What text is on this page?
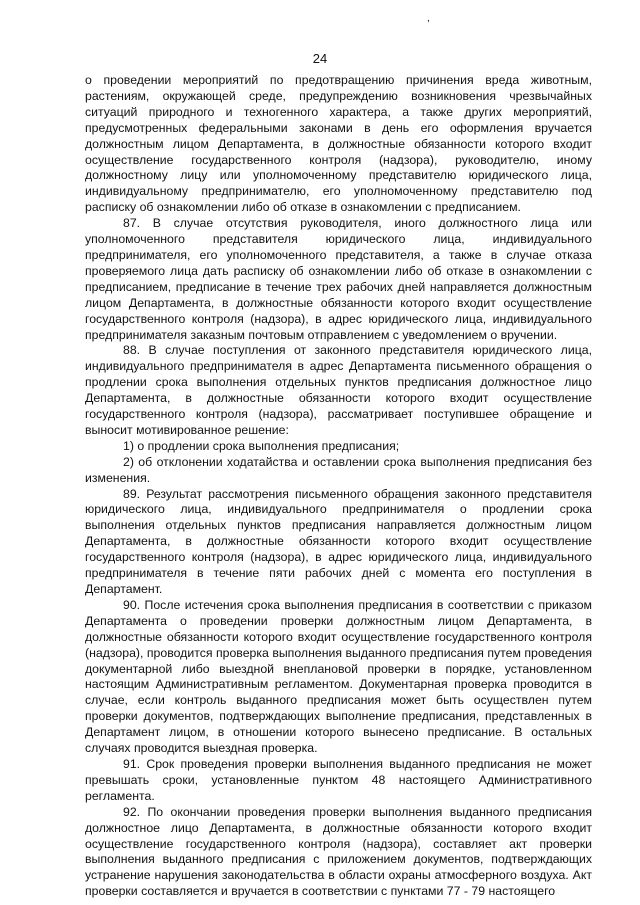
,
24

о проведении мероприятий по предотвращению причинения вреда животным, растениям, окружающей среде, предупреждению возникновения чрезвычайных ситуаций природного и техногенного характера, а также других мероприятий, предусмотренных федеральными законами в день его оформления вручается должностным лицом Департамента, в должностные обязанности которого входит осуществление государственного контроля (надзора), руководителю, иному должностному лицу или уполномоченному представителю юридического лица, индивидуальному предпринимателю, его уполномоченному представителю под расписку об ознакомлении либо об отказе в ознакомлении с предписанием.

87. В случае отсутствия руководителя, иного должностного лица или уполномоченного представителя юридического лица, индивидуального предпринимателя, его уполномоченного представителя, а также в случае отказа проверяемого лица дать расписку об ознакомлении либо об отказе в ознакомлении с предписанием, предписание в течение трех рабочих дней направляется должностным лицом Департамента, в должностные обязанности которого входит осуществление государственного контроля (надзора), в адрес юридического лица, индивидуального предпринимателя заказным почтовым отправлением с уведомлением о вручении.

88. В случае поступления от законного представителя юридического лица, индивидуального предпринимателя в адрес Департамента письменного обращения о продлении срока выполнения отдельных пунктов предписания должностное лицо Департамента, в должностные обязанности которого входит осуществление государственного контроля (надзора), рассматривает поступившее обращение и выносит мотивированное решение:

1) о продлении срока выполнения предписания;

2) об отклонении ходатайства и оставлении срока выполнения предписания без изменения.

89. Результат рассмотрения письменного обращения законного представителя юридического лица, индивидуального предпринимателя о продлении срока выполнения отдельных пунктов предписания направляется должностным лицом Департамента, в должностные обязанности которого входит осуществление государственного контроля (надзора), в адрес юридического лица, индивидуального предпринимателя в течение пяти рабочих дней с момента его поступления в Департамент.

90. После истечения срока выполнения предписания в соответствии с приказом Департамента о проведении проверки должностным лицом Департамента, в должностные обязанности которого входит осуществление государственного контроля (надзора), проводится проверка выполнения выданного предписания путем проведения документарной либо выездной внеплановой проверки в порядке, установленном настоящим Административным регламентом. Документарная проверка проводится в случае, если контроль выданного предписания может быть осуществлен путем проверки документов, подтверждающих выполнение предписания, представленных в Департамент лицом, в отношении которого вынесено предписание. В остальных случаях проводится выездная проверка.

91. Срок проведения проверки выполнения выданного предписания не может превышать сроки, установленные пунктом 48 настоящего Административного регламента.

92. По окончании проведения проверки выполнения выданного предписания должностное лицо Департамента, в должностные обязанности которого входит осуществление государственного контроля (надзора), составляет акт проверки выполнения выданного предписания с приложением документов, подтверждающих устранение нарушения законодательства в области охраны атмосферного воздуха. Акт проверки составляется и вручается в соответствии с пунктами 77 - 79 настоящего
